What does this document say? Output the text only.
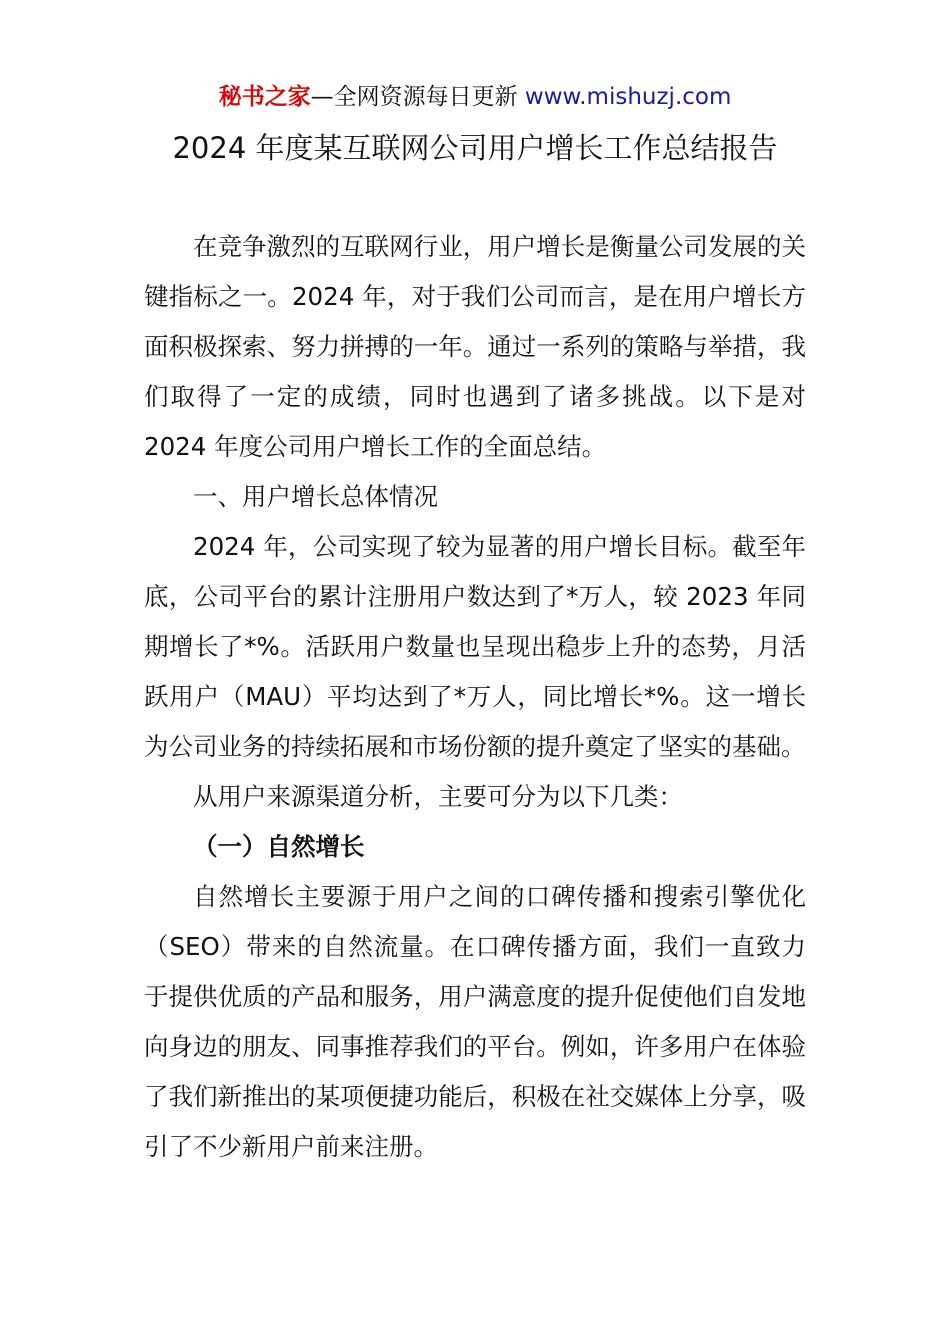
秘书之家—全网资源每日更新 www.mishuzj.com
2024 年度某互联网公司用户增长工作总结报告

在竞争激烈的互联网行业，用户增长是衡量公司发展的关键指标之一。2024 年，对于我们公司而言，是在用户增长方面积极探索、努力拼搏的一年。通过一系列的策略与举措，我们取得了一定的成绩，同时也遇到了诸多挑战。以下是对 2024 年度公司用户增长工作的全面总结。

一、用户增长总体情况

2024 年，公司实现了较为显著的用户增长目标。截至年底，公司平台的累计注册用户数达到了*万人，较 2023 年同期增长了*%。活跃用户数量也呈现出稳步上升的态势，月活跃用户（MAU）平均达到了*万人，同比增长*%。这一增长为公司业务的持续拓展和市场份额的提升奠定了坚实的基础。

从用户来源渠道分析，主要可分为以下几类：

（一）自然增长

自然增长主要源于用户之间的口碑传播和搜索引擎优化（SEO）带来的自然流量。在口碑传播方面，我们一直致力于提供优质的产品和服务，用户满意度的提升促使他们自发地向身边的朋友、同事推荐我们的平台。例如，许多用户在体验了我们新推出的某项便捷功能后，积极在社交媒体上分享，吸引了不少新用户前来注册。
